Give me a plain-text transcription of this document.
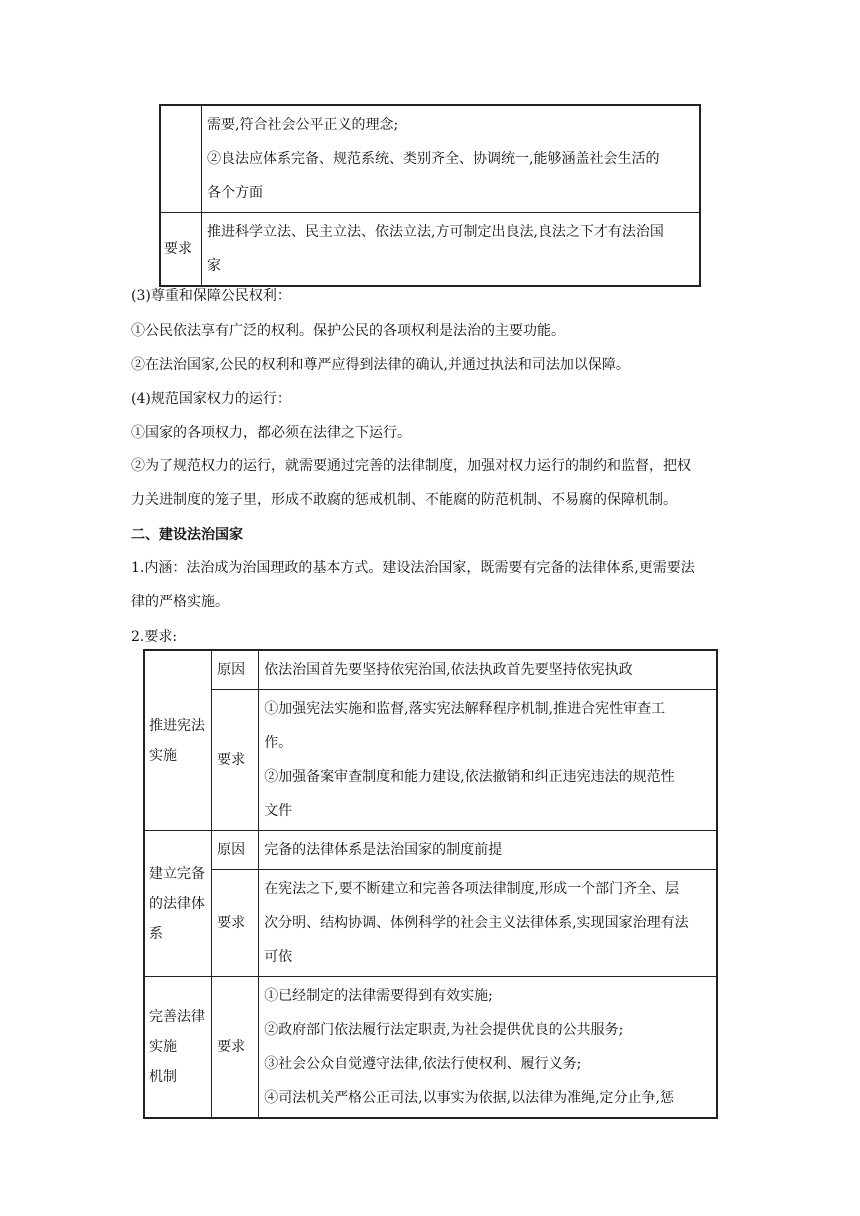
	需要,符合社会公平正义的理念;
②良法应体系完备、规范系统、类别齐全、协调统一,能够涵盖社会生活的
各个方面

要求	推进科学立法、民主立法、依法立法,方可制定出良法,良法之下才有法治国
家
(3)尊重和保障公民权利：
①公民依法享有广泛的权利。保护公民的各项权利是法治的主要功能。
②在法治国家,公民的权利和尊严应得到法律的确认,并通过执法和司法加以保障。
(4)规范国家权力的运行：
①国家的各项权力，都必须在法律之下运行。
②为了规范权力的运行，就需要通过完善的法律制度，加强对权力运行的制约和监督，把权
力关进制度的笼子里，形成不敢腐的惩戒机制、不能腐的防范机制、不易腐的保障机制。
二、建设法治国家
1.内涵：法治成为治国理政的基本方式。建设法治国家，既需要有完备的法律体系,更需要法
律的严格实施。
2.要求:
推进宪法
实施	原因	依法治国首先要坚持依宪治国,依法执政首先要坚持依宪执政
	要求	①加强宪法实施和监督,落实宪法解释程序机制,推进合宪性审查工
作。
②加强备案审查制度和能力建设,依法撤销和纠正违宪违法的规范性
文件

建立完备
的法律体
系	原因	完备的法律体系是法治国家的制度前提
	要求	在宪法之下,要不断建立和完善各项法律制度,形成一个部门齐全、层
次分明、结构协调、体例科学的社会主义法律体系,实现国家治理有法
可依

完善法律
实施
机制	要求	①已经制定的法律需要得到有效实施;
②政府部门依法履行法定职责,为社会提供优良的公共服务;
③社会公众自觉遵守法律,依法行使权利、履行义务;
④司法机关严格公正司法,以事实为依据,以法律为准绳,定分止争,惩
